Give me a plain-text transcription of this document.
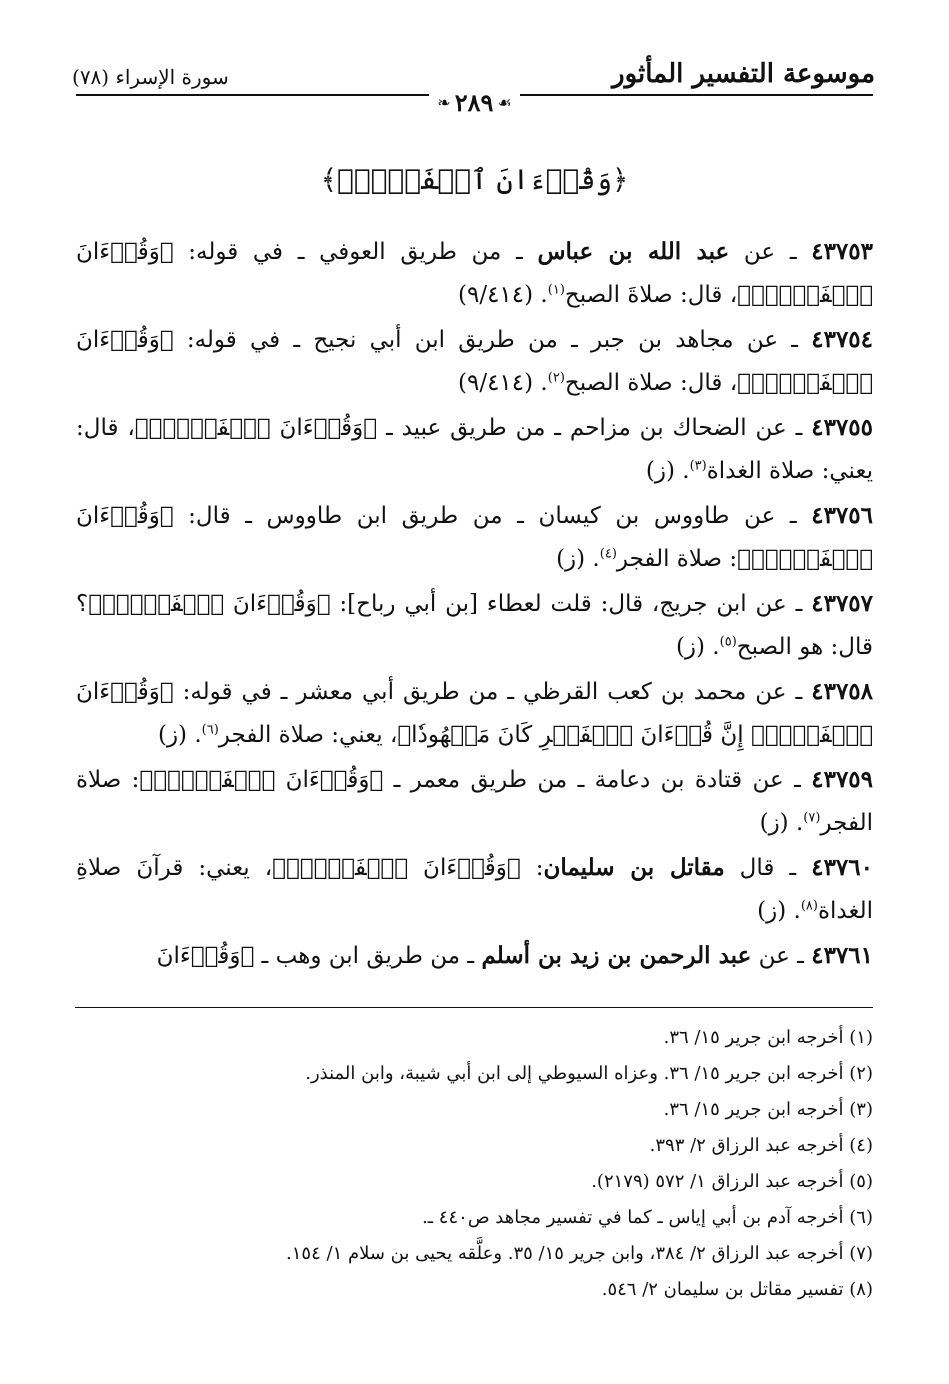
موسوعة التفسير المأثور
سورة الإسراء (٧٨)
❧ ٢٨٩ ☙
﴿وَقُرۡءَانَ ٱلۡفَجۡرِۖ﴾

٤٣٧٥٣ ـ عن عبد الله بن عباس ـ من طريق العوفي ـ في قوله: ﴿وَقُرۡءَانَ ٱلۡفَجۡرِۖ﴾، قال: صلاةَ الصبح$^{(١)}$. (٩/٤١٤)

٤٣٧٥٤ ـ عن مجاهد بن جبر ـ من طريق ابن أبي نجيح ـ في قوله: ﴿وَقُرۡءَانَ ٱلۡفَجۡرِۖ﴾، قال: صلاة الصبح$^{(٢)}$. (٩/٤١٤)

٤٣٧٥٥ ـ عن الضحاك بن مزاحم ـ من طريق عبيد ـ ﴿وَقُرۡءَانَ ٱلۡفَجۡرِۖ﴾، قال: يعني: صلاة الغداة$^{(٣)}$. (ز)

٤٣٧٥٦ ـ عن طاووس بن كيسان ـ من طريق ابن طاووس ـ قال: ﴿وَقُرۡءَانَ ٱلۡفَجۡرِۖ﴾: صلاة الفجر$^{(٤)}$. (ز)

٤٣٧٥٧ ـ عن ابن جريج، قال: قلت لعطاء [بن أبي رباح]: ﴿وَقُرۡءَانَ ٱلۡفَجۡرِۖ﴾؟ قال: هو الصبح$^{(٥)}$. (ز)

٤٣٧٥٨ ـ عن محمد بن كعب القرظي ـ من طريق أبي معشر ـ في قوله: ﴿وَقُرۡءَانَ ٱلۡفَجۡرِۖ إِنَّ قُرۡءَانَ ٱلۡفَجۡرِ كَانَ مَشۡهُودٗا﴾، يعني: صلاة الفجر$^{(٦)}$. (ز)

٤٣٧٥٩ ـ عن قتادة بن دعامة ـ من طريق معمر ـ ﴿وَقُرۡءَانَ ٱلۡفَجۡرِۖ﴾: صلاة الفجر$^{(٧)}$. (ز)

٤٣٧٦٠ ـ قال مقاتل بن سليمان: ﴿وَقُرۡءَانَ ٱلۡفَجۡرِۖ﴾، يعني: قرآنَ صلاةِ الغداة$^{(٨)}$. (ز)

٤٣٧٦١ ـ عن عبد الرحمن بن زيد بن أسلم ـ من طريق ابن وهب ـ ﴿وَقُرۡءَانَ

(١) أخرجه ابن جرير ١٥/ ٣٦.
(٢) أخرجه ابن جرير ١٥/ ٣٦. وعزاه السيوطي إلى ابن أبي شيبة، وابن المنذر.
(٣) أخرجه ابن جرير ١٥/ ٣٦.
(٤) أخرجه عبد الرزاق ٢/ ٣٩٣.
(٥) أخرجه عبد الرزاق ١/ ٥٧٢ (٢١٧٩).
(٦) أخرجه آدم بن أبي إياس ـ كما في تفسير مجاهد ص٤٤٠ ـ.
(٧) أخرجه عبد الرزاق ٢/ ٣٨٤، وابن جرير ١٥/ ٣٥. وعلَّقه يحيى بن سلام ١/ ١٥٤.
(٨) تفسير مقاتل بن سليمان ٢/ ٥٤٦.
